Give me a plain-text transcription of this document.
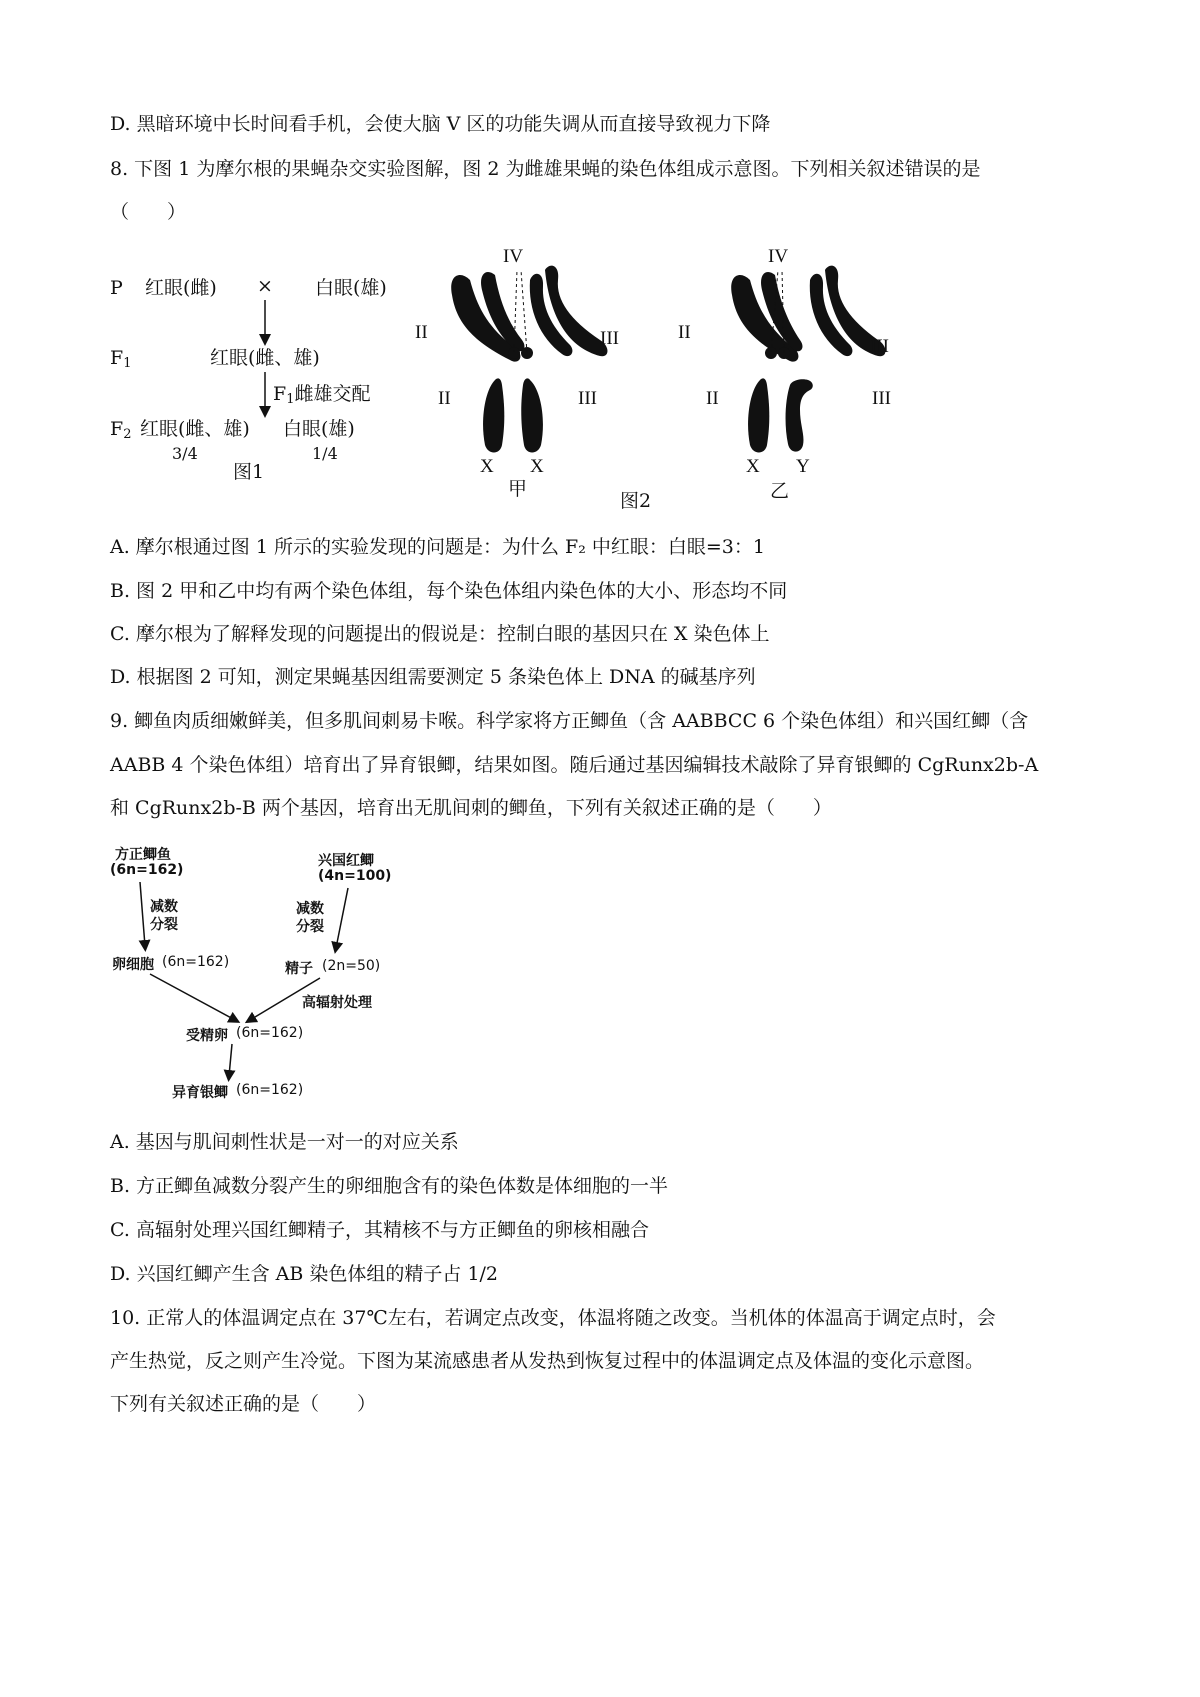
D. 黑暗环境中长时间看手机，会使大脑 V 区的功能失调从而直接导致视力下降
8. 下图 1 为摩尔根的果蝇杂交实验图解，图 2 为雌雄果蝇的染色体组成示意图。下列相关叙述错误的是
（　　）
P 红眼(雌) × 白眼(雄)
$F_1$	红眼(雌、雄)
$F_1$雌雄交配
$F_2$ 红眼(雌、雄) 白眼(雄)
3/4	1/4
图1
IV
II	III
II	III
X X
甲
IV
II
III
II	III
X Y
乙
图2
A. 摩尔根通过图 1 所示的实验发现的问题是：为什么 F₂ 中红眼：白眼=3：1
B. 图 2 甲和乙中均有两个染色体组，每个染色体组内染色体的大小、形态均不同
C. 摩尔根为了解释发现的问题提出的假说是：控制白眼的基因只在 X 染色体上
D. 根据图 2 可知，测定果蝇基因组需要测定 5 条染色体上 DNA 的碱基序列
9. 鲫鱼肉质细嫩鲜美，但多肌间刺易卡喉。科学家将方正鲫鱼（含 AABBCC 6 个染色体组）和兴国红鲫（含
AABB 4 个染色体组）培育出了异育银鲫，结果如图。随后通过基因编辑技术敲除了异育银鲫的 CgRunx2b-A
和 CgRunx2b-B 两个基因，培育出无肌间刺的鲫鱼，下列有关叙述正确的是（　　）
方正鲫鱼
(6n=162)
兴国红鲫
(4n=100)
减数
分裂
减数
分裂
卵细胞 (6n=162)	精子 (2n=50)
高辐射处理
受精卵 (6n=162)
异育银鲫 (6n=162)
A. 基因与肌间刺性状是一对一的对应关系
B. 方正鲫鱼减数分裂产生的卵细胞含有的染色体数是体细胞的一半
C. 高辐射处理兴国红鲫精子，其精核不与方正鲫鱼的卵核相融合
D. 兴国红鲫产生含 AB 染色体组的精子占 1/2
10. 正常人的体温调定点在 37℃左右，若调定点改变，体温将随之改变。当机体的体温高于调定点时，会
产生热觉，反之则产生冷觉。下图为某流感患者从发热到恢复过程中的体温调定点及体温的变化示意图。
下列有关叙述正确的是（　　）
